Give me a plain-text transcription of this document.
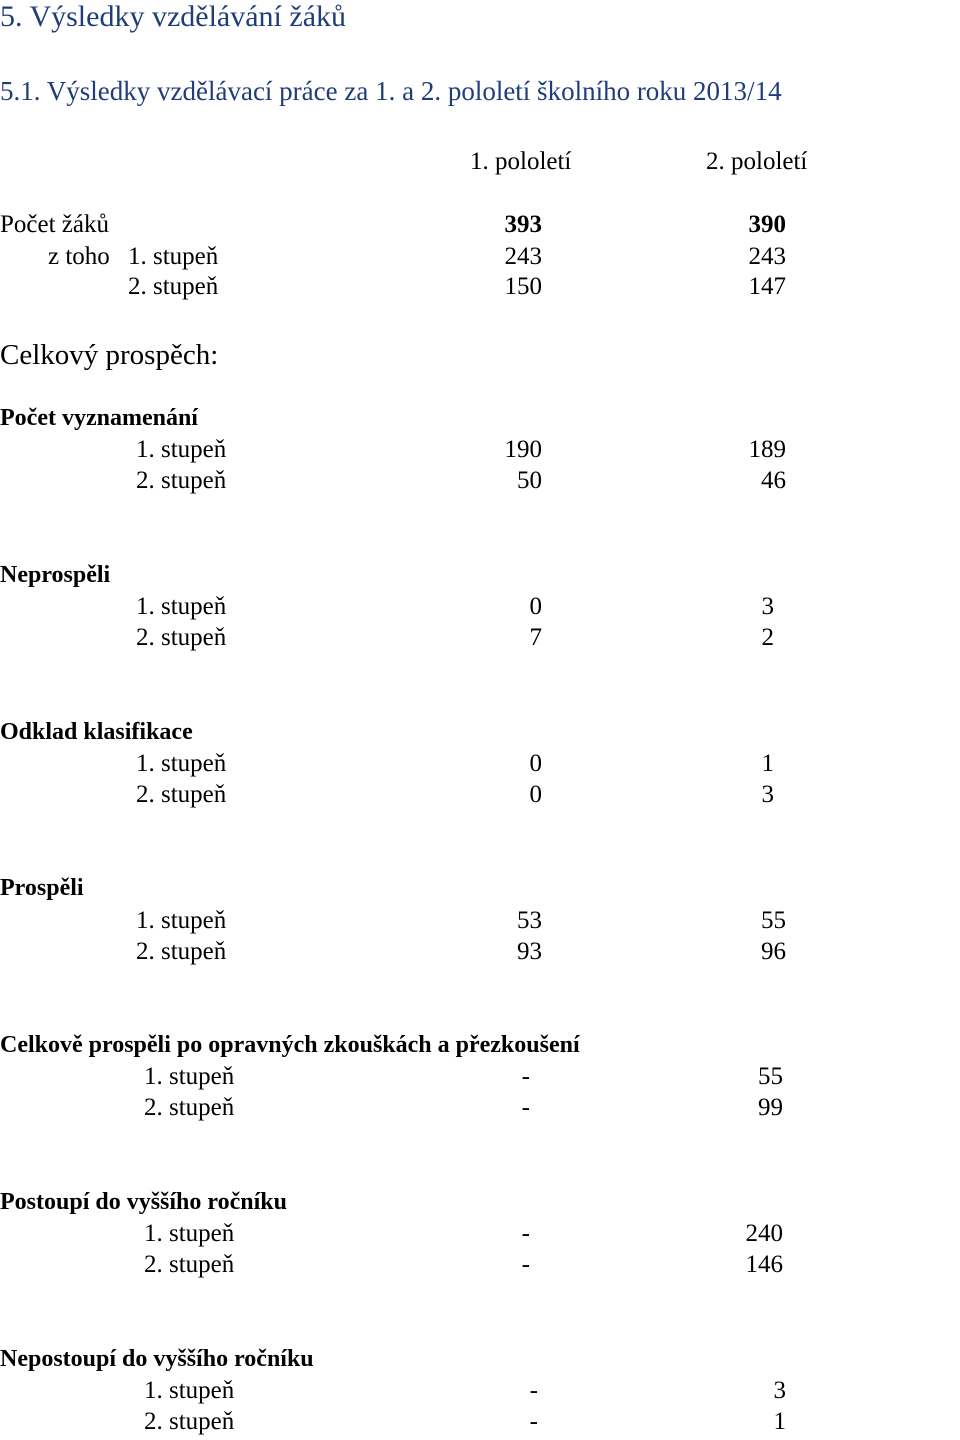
5. Výsledky vzdělávání žáků
5.1. Výsledky vzdělávací práce za 1. a 2. pololetí školního roku 2013/14
1. pololetí	2. pololetí
Počet žáků	393	390
z toho 1. stupeň	243	243
2. stupeň	150	147
Celkový prospěch:
Počet vyznamenání
1. stupeň	190	189
2. stupeň	50	46
Neprospěli
1. stupeň	0	3
2. stupeň	7	2
Odklad klasifikace
1. stupeň	0	1
2. stupeň	0	3
Prospěli
1. stupeň	53	55
2. stupeň	93	96
Celkově prospěli po opravných zkouškách a přezkoušení
1. stupeň	-	55
2. stupeň	-	99
Postoupí do vyššího ročníku
1. stupeň	-	240
2. stupeň	-	146
Nepostoupí do vyššího ročníku
1. stupeň	-	3
2. stupeň	-	1
